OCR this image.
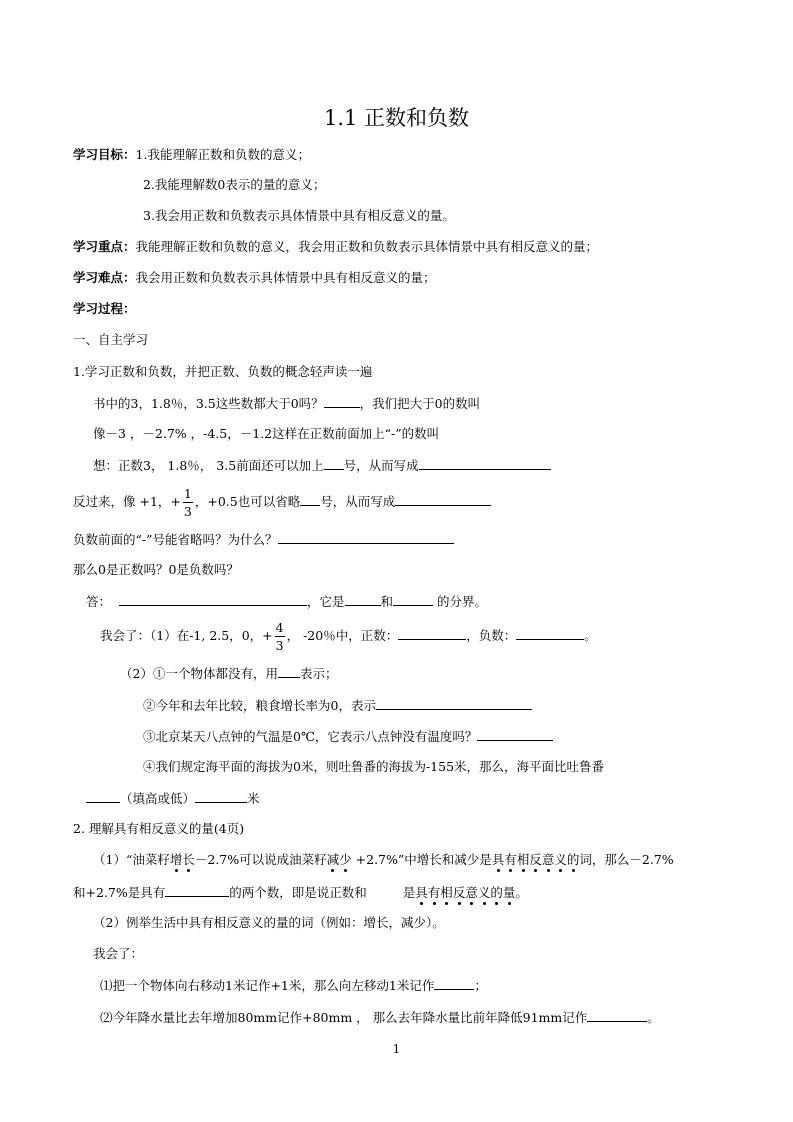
1.1 正数和负数
学习目标：1.我能理解正数和负数的意义；
2.我能理解数0表示的量的意义；
3.我会用正数和负数表示具体情景中具有相反意义的量。
学习重点：我能理解正数和负数的意义，我会用正数和负数表示具体情景中具有相反意义的量；
学习难点：我会用正数和负数表示具体情景中具有相反意义的量；
学习过程：
一、自主学习
1.学习正数和负数，并把正数、负数的概念轻声读一遍
书中的3，1.8％，3.5这些数都大于0吗？	，我们把大于0的数叫
像－3 ，－2.7% ，-4.5，－1.2这样在正数前面加上“-”的数叫
想：正数3， 1.8％， 3.5前面还可以加上 号，从而写成
反过来，像 +1，+ $\frac{1}{3}$ ，+0.5也可以省略 号，从而写成
负数前面的“-”号能省略吗？为什么？
那么0是正数吗？0是负数吗？
答：	，它是	和	的分界。
我会了：（1）在-1, 2.5，0，+ $\frac{4}{3}$ ， -20％中，正数：	，负数：	。
（2）①一个物体都没有，用 表示；
②今年和去年比较，粮食增长率为0，表示
③北京某天八点钟的气温是0℃，它表示八点钟没有温度吗？
④我们规定海平面的海拔为0米，则吐鲁番的海拔为-155米，那么，海平面比吐鲁番
（填高或低）	米
2. 理解具有相反意义的量(4页)
（1）“油菜籽增长－2.7%可以说成油菜籽减少 +2.7%”中增长和减少是具有相反意义的词，那么－2.7%
和+2.7%是具有	的两个数，即是说正数和	是具有相反意义的量。
（2）例举生活中具有相反意义的量的词（例如：增长，减少）。
我会了：
⑴把一个物体向右移动1米记作+1米，那么向左移动1米记作	；
⑵今年降水量比去年增加80mm记作+80mm ， 那么去年降水量比前年降低91mm记作	。
1
